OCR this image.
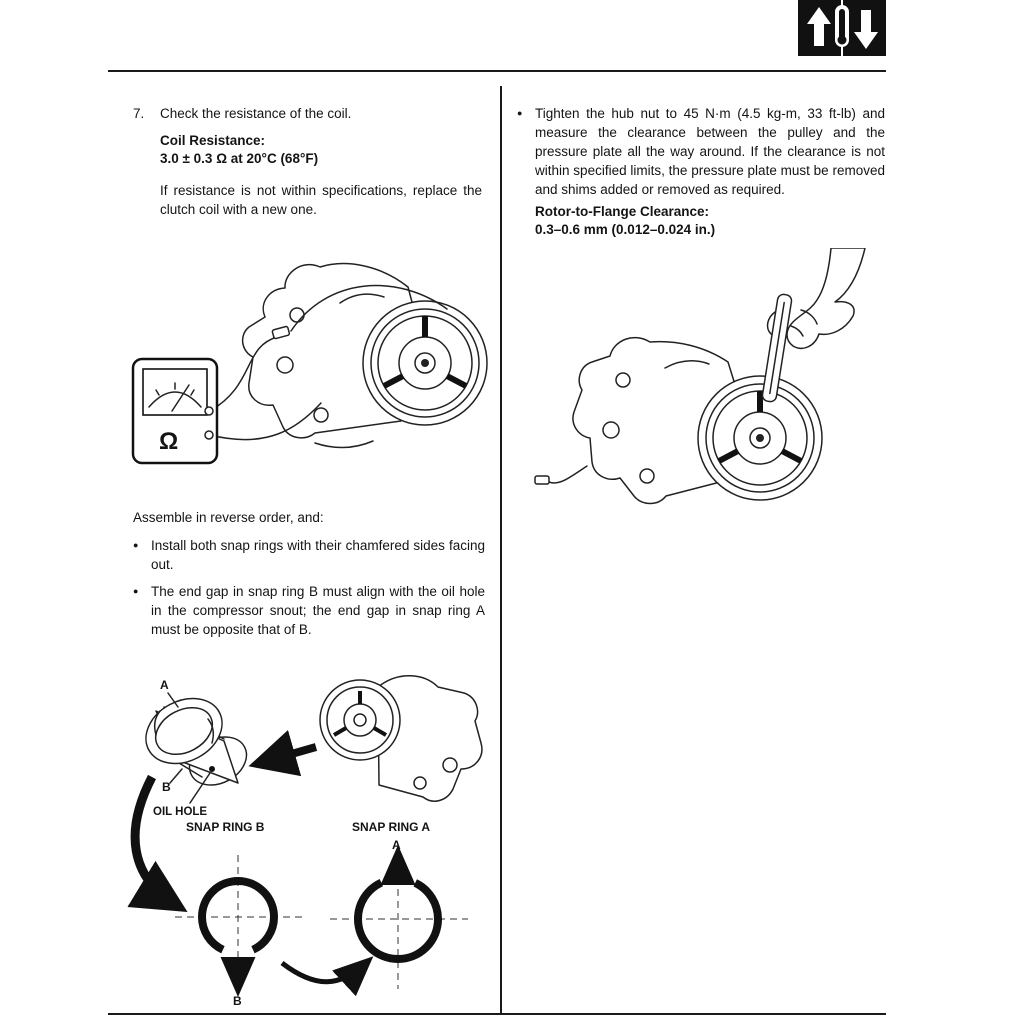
7.	Check the resistance of the coil.
Coil Resistance:
3.0 ± 0.3 Ω at 20°C (68°F)
If resistance is not within specifications, replace the clutch coil with a new one.
Ω
Assemble in reverse order, and:
● Install both snap rings with their chamfered sides facing out.
● The end gap in snap ring B must align with the oil hole in the compressor snout; the end gap in snap ring A must be opposite that of B.
A
B
OIL HOLE
SNAP RING B	SNAP RING A
B
A
● Tighten the hub nut to 45 N·m (4.5 kg-m, 33 ft-lb) and measure the clearance between the pulley and the pressure plate all the way around. If the clearance is not within specified limits, the pressure plate must be removed and shims added or removed as required.
Rotor-to-Flange Clearance:
0.3–0.6 mm (0.012–0.024 in.)
